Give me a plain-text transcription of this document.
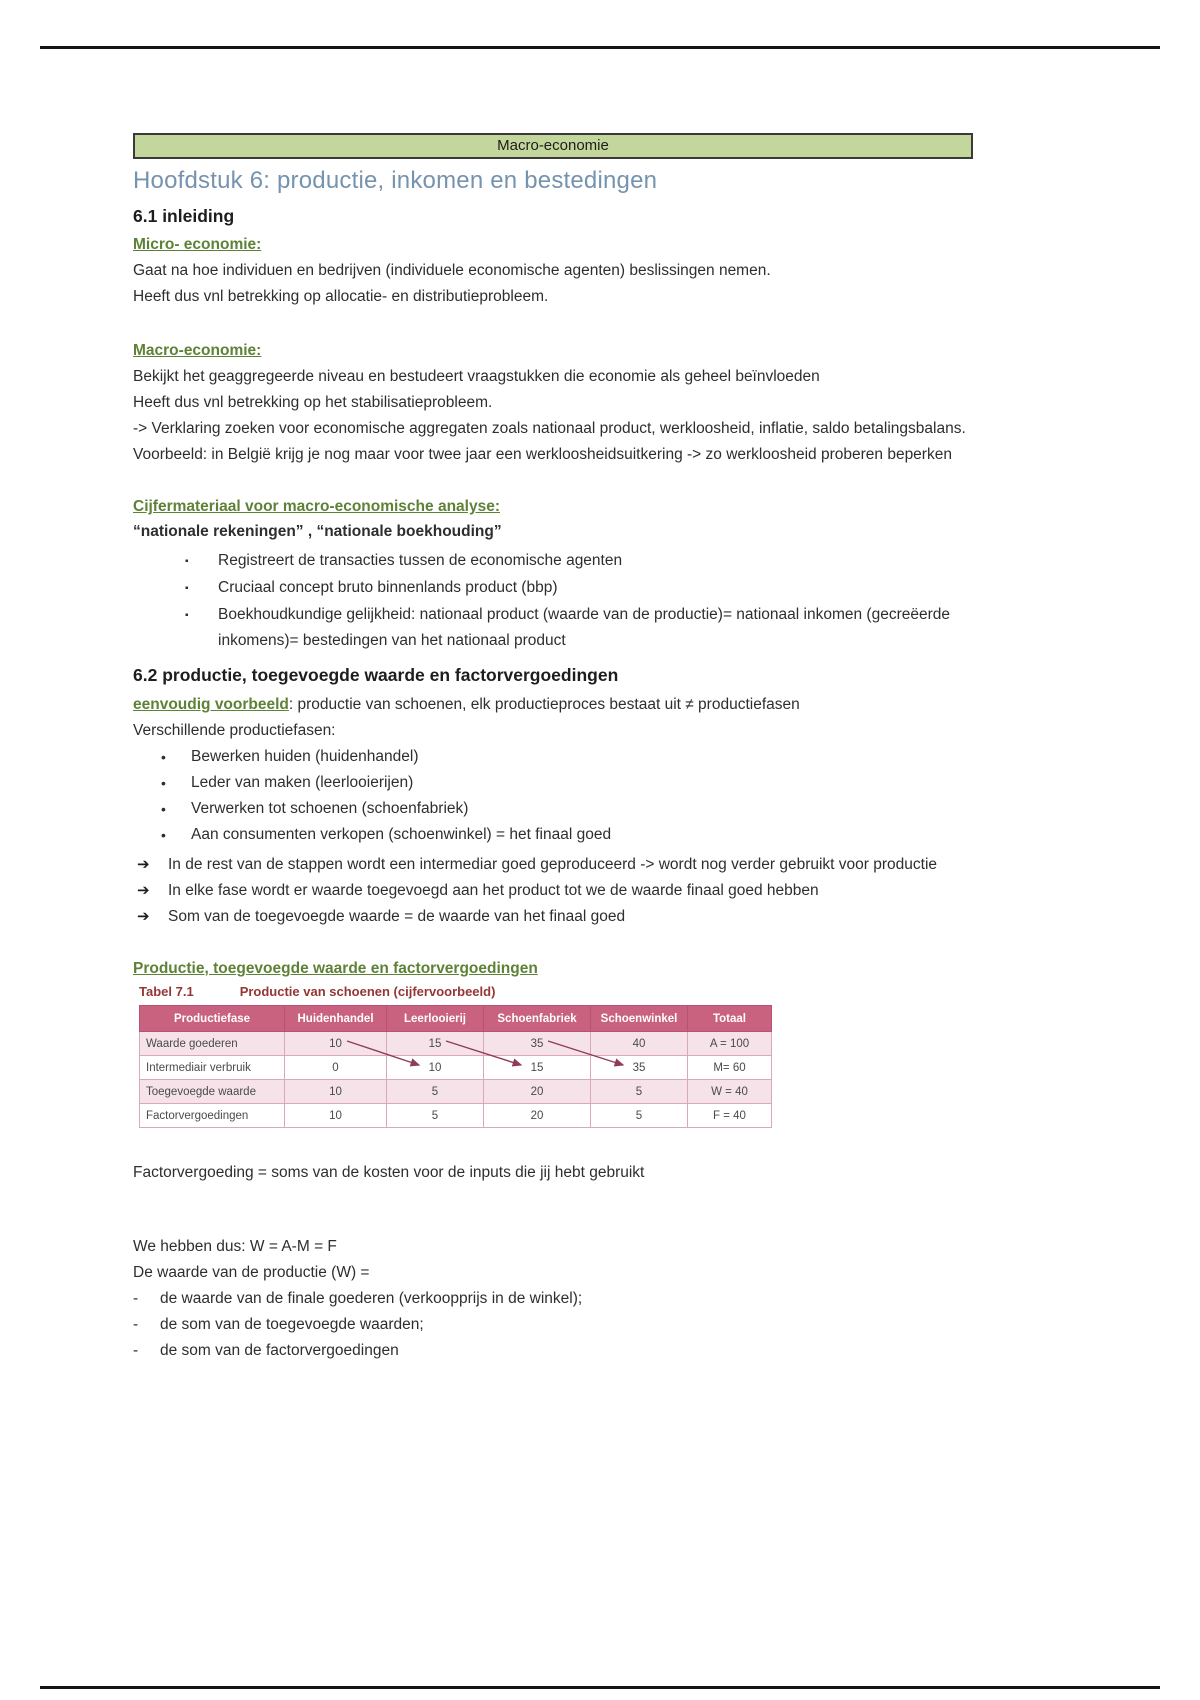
Macro-economie
Hoofdstuk 6: productie, inkomen en bestedingen
6.1 inleiding
Micro- economie:

Gaat na hoe individuen en bedrijven (individuele economische agenten) beslissingen nemen.

Heeft dus vnl betrekking op allocatie- en distributieprobleem.

Macro-economie:

Bekijkt het geaggregeerde niveau en bestudeert vraagstukken die economie als geheel beïnvloeden

Heeft dus vnl betrekking op het stabilisatieprobleem.

-> Verklaring zoeken voor economische aggregaten zoals nationaal product, werkloosheid, inflatie, saldo betalingsbalans.

Voorbeeld: in België krijg je nog maar voor twee jaar een werkloosheidsuitkering -> zo werkloosheid proberen beperken

Cijfermateriaal voor macro-economische analyse:

“nationale rekeningen” , “nationale boekhouding”

▪	Registreert de transacties tussen de economische agenten
▪	Cruciaal concept bruto binnenlands product (bbp)
▪	Boekhoudkundige gelijkheid: nationaal product (waarde van de productie)= nationaal inkomen (gecreëerde inkomens)= bestedingen van het nationaal product
6.2 productie, toegevoegde waarde en factorvergoedingen

eenvoudig voorbeeld: productie van schoenen, elk productieproces bestaat uit ≠ productiefasen

Verschillende productiefasen:

•	Bewerken huiden (huidenhandel)
•	Leder van maken (leerlooierijen)
•	Verwerken tot schoenen (schoenfabriek)
•	Aan consumenten verkopen (schoenwinkel) = het finaal goed
➔	In de rest van de stappen wordt een intermediar goed geproduceerd -> wordt nog verder gebruikt voor productie
➔	In elke fase wordt er waarde toegevoegd aan het product tot we de waarde finaal goed hebben
➔	Som van de toegevoegde waarde = de waarde van het finaal goed
Productie, toegevoegde waarde en factorvergoedingen
Tabel 7.1	Productie van schoenen (cijfervoorbeeld)
Productiefase	Huidenhandel	Leerlooierij	Schoenfabriek	Schoenwinkel	Totaal
Waarde goederen	10	15	35	40	A = 100
Intermediair verbruik	0	10	15	35	M= 60
Toegevoegde waarde	10	5	20	5	W = 40
Factorvergoedingen	10	5	20	5	F = 40

Factorvergoeding = soms van de kosten voor de inputs die jij hebt gebruikt

We hebben dus: W = A-M = F

De waarde van de productie (W) =

-	de waarde van de finale goederen (verkoopprijs in de winkel);
-	de som van de toegevoegde waarden;
-	de som van de factorvergoedingen
